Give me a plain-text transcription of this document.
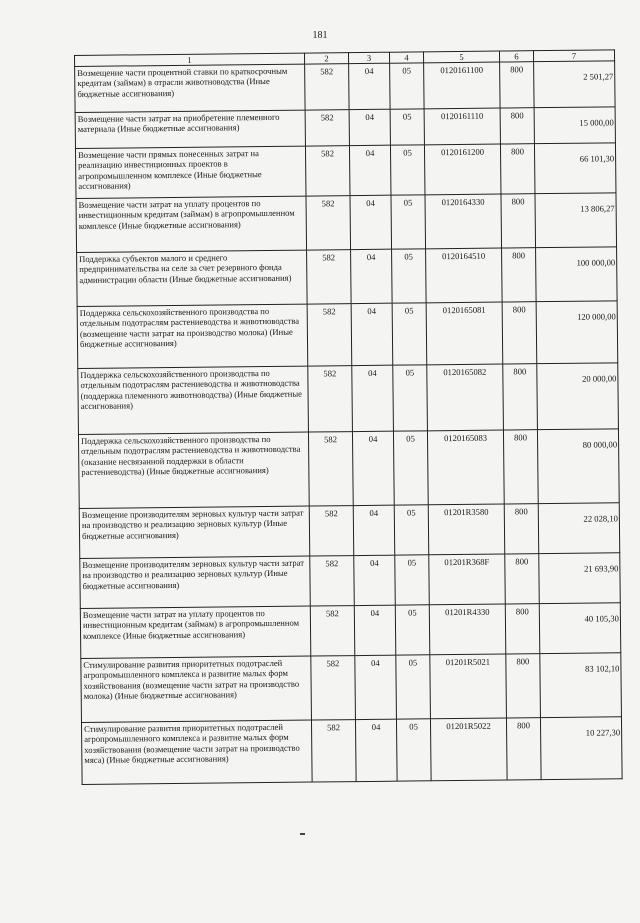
181
1	2	3	4	5	6	7
Возмещение части процентной ставки по краткосрочным кредитам (займам) в отрасли животноводства (Иные бюджетные ассигнования)	582	04	05	0120161100	800	2 501,27
Возмещение части затрат на приобретение племенного материала (Иные бюджетные ассигнования)	582	04	05	0120161110	800	15 000,00
Возмещение части прямых понесенных затрат на реализацию инвестиционных проектов в агропромышленном комплексе (Иные бюджетные ассигнования)	582	04	05	0120161200	800	66 101,30
Возмещение части затрат на уплату процентов по инвестиционным кредитам (займам) в агропромышленном комплексе (Иные бюджетные ассигнования)	582	04	05	0120164330	800	13 806,27
Поддержка субъектов малого и среднего предпринимательства на селе за счет резервного фонда администрации области (Иные бюджетные ассигнования)	582	04	05	0120164510	800	100 000,00
Поддержка сельскохозяйственного производства по отдельным подотраслям растениеводства и животноводства (возмещение части затрат на производство молока) (Иные бюджетные ассигнования)	582	04	05	0120165081	800	120 000,00
Поддержка сельскохозяйственного производства по отдельным подотраслям растениеводства и животноводства (поддержка племенного животноводства) (Иные бюджетные ассигнования)	582	04	05	0120165082	800	20 000,00
Поддержка сельскохозяйственного производства по отдельным подотраслям растениеводства и животноводства (оказание несвязанной поддержки в области растениеводства) (Иные бюджетные ассигнования)	582	04	05	0120165083	800	80 000,00
Возмещение производителям зерновых культур части затрат на производство и реализацию зерновых культур (Иные бюджетные ассигнования)	582	04	05	01201R3580	800	22 028,10
Возмещение производителям зерновых культур части затрат на производство и реализацию зерновых культур (Иные бюджетные ассигнования)	582	04	05	01201R368F	800	21 693,90
Возмещение части затрат на уплату процентов по инвестиционным кредитам (займам) в агропромышленном комплексе (Иные бюджетные ассигнования)	582	04	05	01201R4330	800	40 105,30
Стимулирование развития приоритетных подотраслей агропромышленного комплекса и развитие малых форм хозяйствования (возмещение части затрат на производство молока) (Иные бюджетные ассигнования)	582	04	05	01201R5021	800	83 102,10
Стимулирование развития приоритетных подотраслей агропромышленного комплекса и развитие малых форм хозяйствования (возмещение части затрат на производство мяса) (Иные бюджетные ассигнования)	582	04	05	01201R5022	800	10 227,30
